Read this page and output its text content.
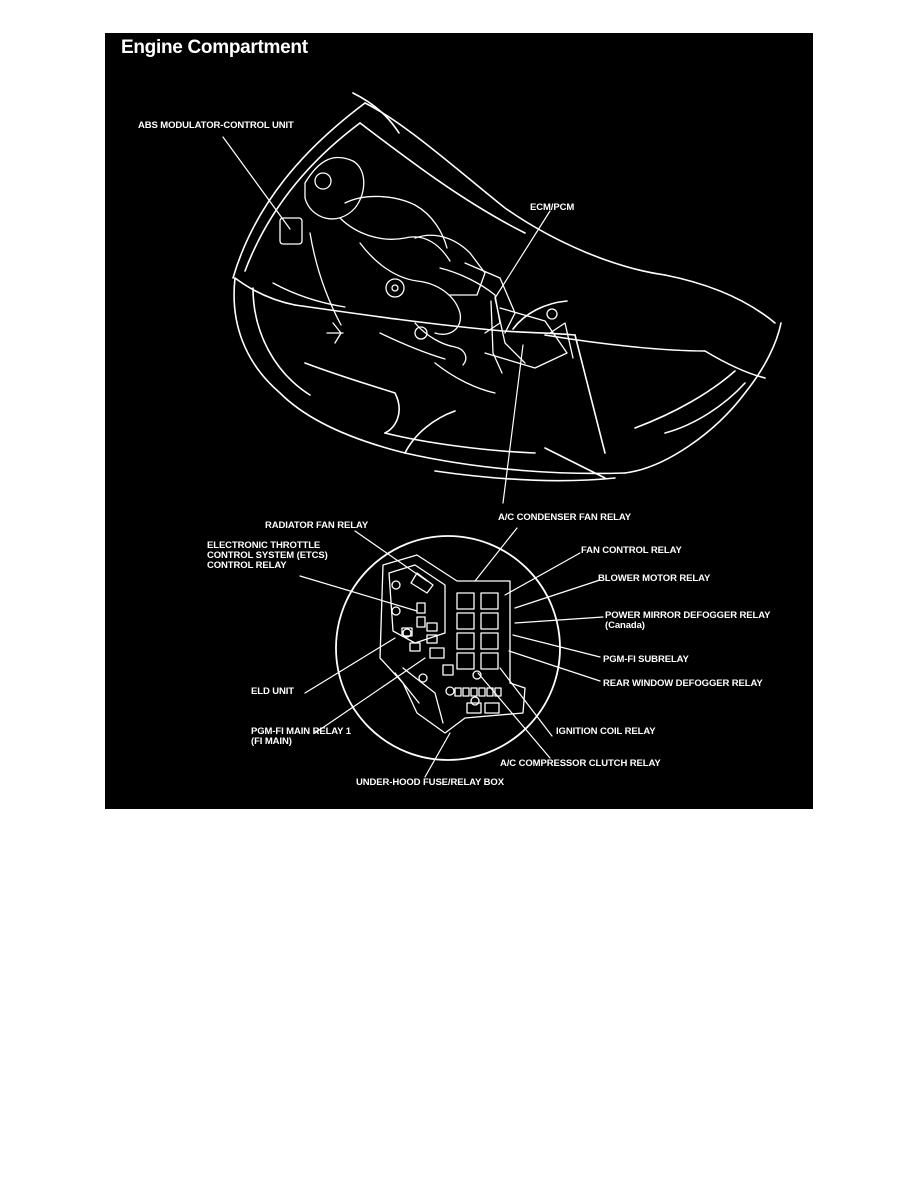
Engine Compartment
ABS MODULATOR-CONTROL UNIT
ECM/PCM
RADIATOR FAN RELAY
A/C CONDENSER FAN RELAY
ELECTRONIC THROTTLE
CONTROL SYSTEM (ETCS)
CONTROL RELAY
FAN CONTROL RELAY
BLOWER MOTOR RELAY
POWER MIRROR DEFOGGER RELAY
(Canada)
PGM-FI SUBRELAY
REAR WINDOW DEFOGGER RELAY
ELD UNIT
PGM-FI MAIN RELAY 1
(FI MAIN)
IGNITION COIL RELAY
A/C COMPRESSOR CLUTCH RELAY
UNDER-HOOD FUSE/RELAY BOX
